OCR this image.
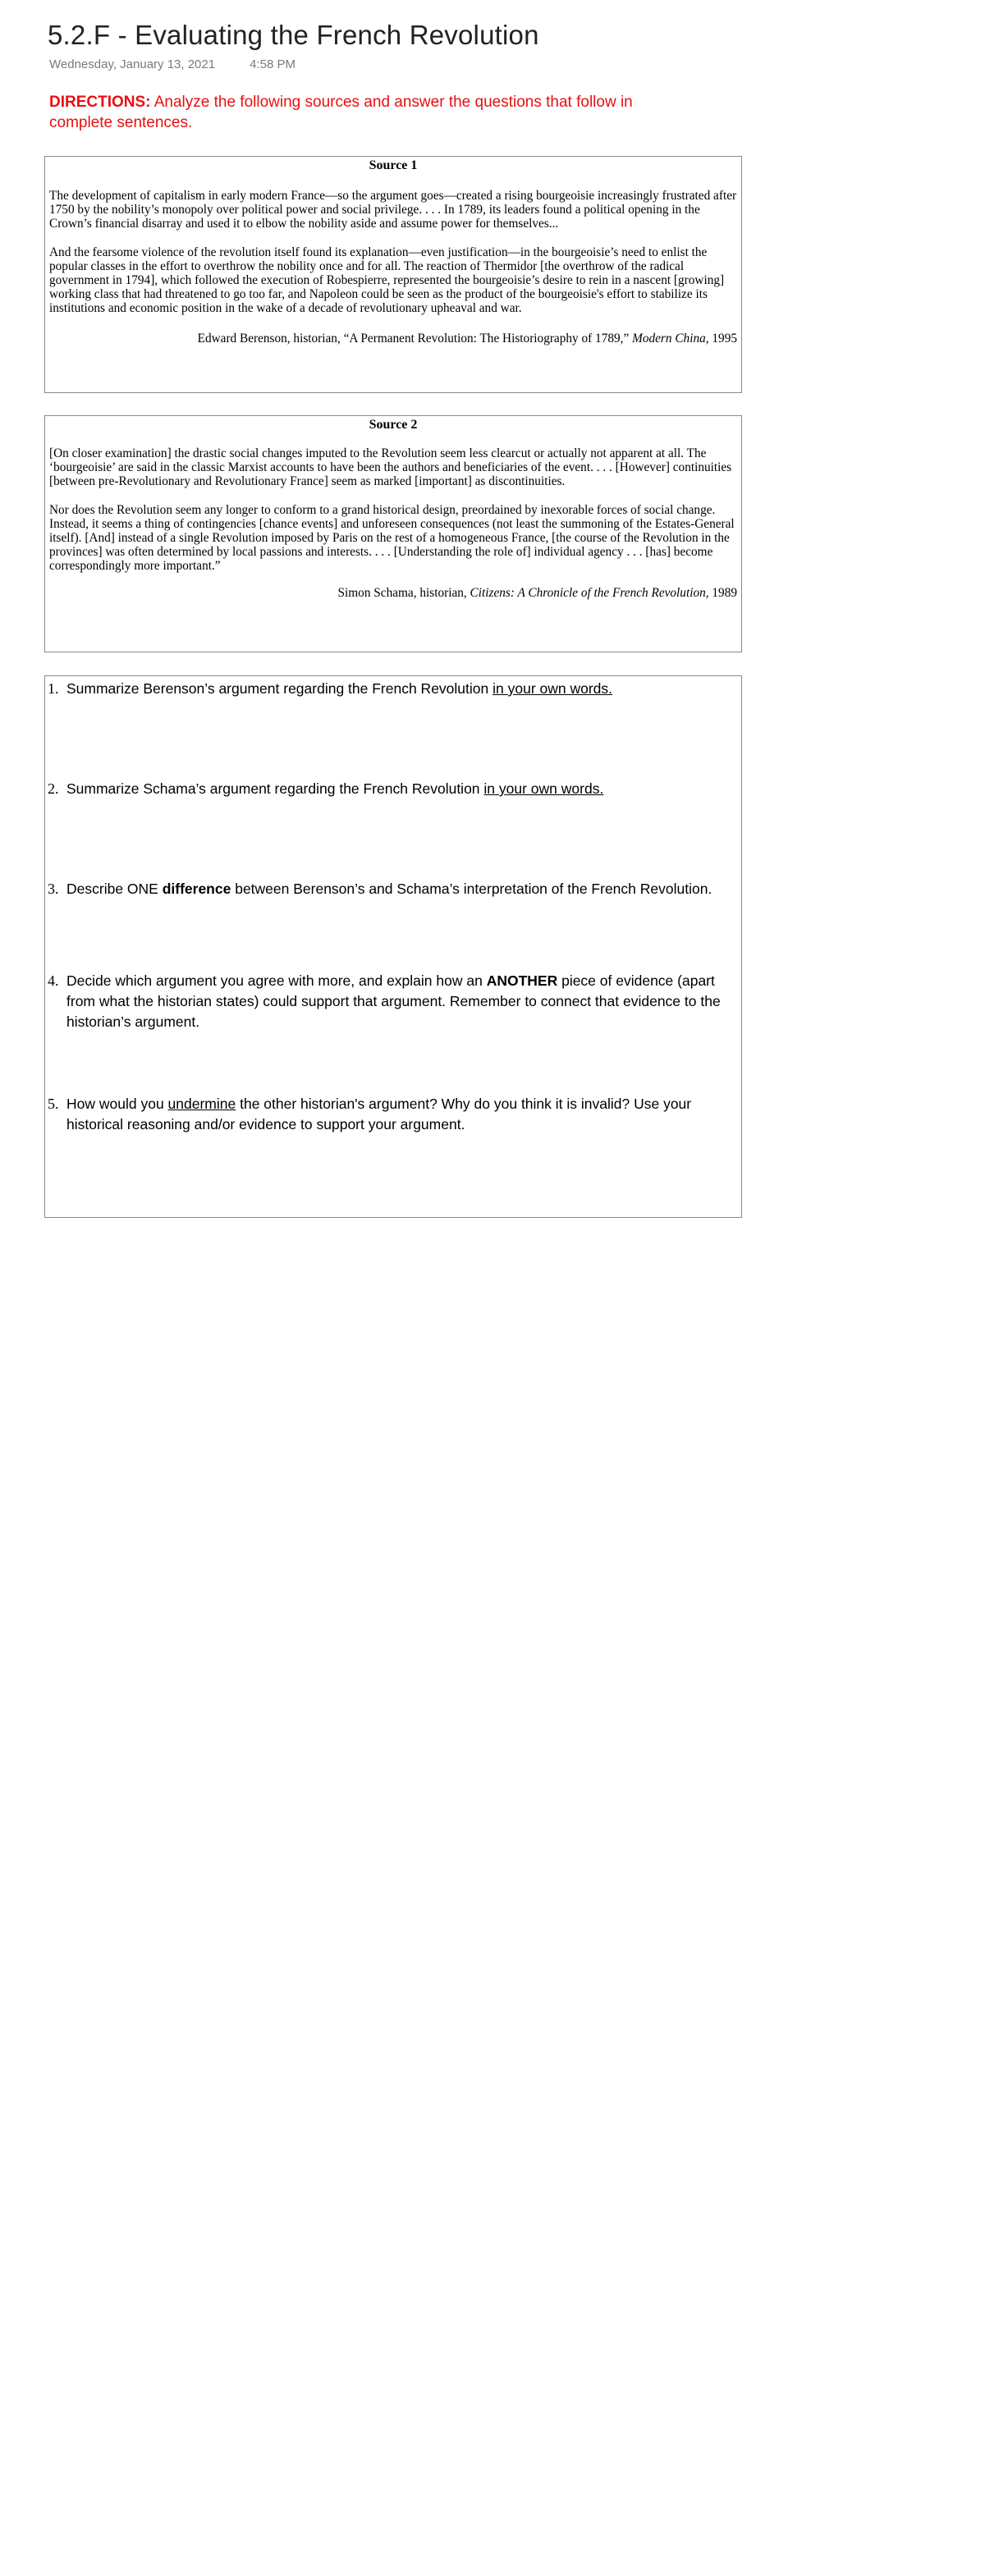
5.2.F - Evaluating the French Revolution
Wednesday, January 13, 2021	4:58 PM
DIRECTIONS: Analyze the following sources and answer the questions that follow in complete sentences.
Source 1

The development of capitalism in early modern France—so the argument goes—created a rising bourgeoisie increasingly frustrated after 1750 by the nobility’s monopoly over political power and social privilege. . . . In 1789, its leaders found a political opening in the Crown’s financial disarray and used it to elbow the nobility aside and assume power for themselves...

And the fearsome violence of the revolution itself found its explanation—even justification—in the bourgeoisie’s need to enlist the popular classes in the effort to overthrow the nobility once and for all. The reaction of Thermidor [the overthrow of the radical government in 1794], which followed the execution of Robespierre, represented the bourgeoisie’s desire to rein in a nascent [growing] working class that had threatened to go too far, and Napoleon could be seen as the product of the bourgeoisie's effort to stabilize its institutions and economic position in the wake of a decade of revolutionary upheaval and war.

Edward Berenson, historian, “A Permanent Revolution: The Historiography of 1789,” Modern China, 1995

Source 2

[On closer examination] the drastic social changes imputed to the Revolution seem less clearcut or actually not apparent at all. The ‘bourgeoisie’ are said in the classic Marxist accounts to have been the authors and beneficiaries of the event. . . . [However] continuities [between pre-Revolutionary and Revolutionary France] seem as marked [important] as discontinuities.

Nor does the Revolution seem any longer to conform to a grand historical design, preordained by inexorable forces of social change. Instead, it seems a thing of contingencies [chance events] and unforeseen consequences (not least the summoning of the Estates-General itself). [And] instead of a single Revolution imposed by Paris on the rest of a homogeneous France, [the course of the Revolution in the provinces] was often determined by local passions and interests. . . . [Understanding the role of] individual agency . . . [has] become correspondingly more important.”

Simon Schama, historian, Citizens: A Chronicle of the French Revolution, 1989

1. Summarize Berenson’s argument regarding the French Revolution in your own words.
2. Summarize Schama’s argument regarding the French Revolution in your own words.
3. Describe ONE difference between Berenson’s and Schama’s interpretation of the French Revolution.
4. Decide which argument you agree with more, and explain how an ANOTHER piece of evidence (apart from what the historian states) could support that argument. Remember to connect that evidence to the historian’s argument.
5. How would you undermine the other historian's argument? Why do you think it is invalid? Use your historical reasoning and/or evidence to support your argument.
